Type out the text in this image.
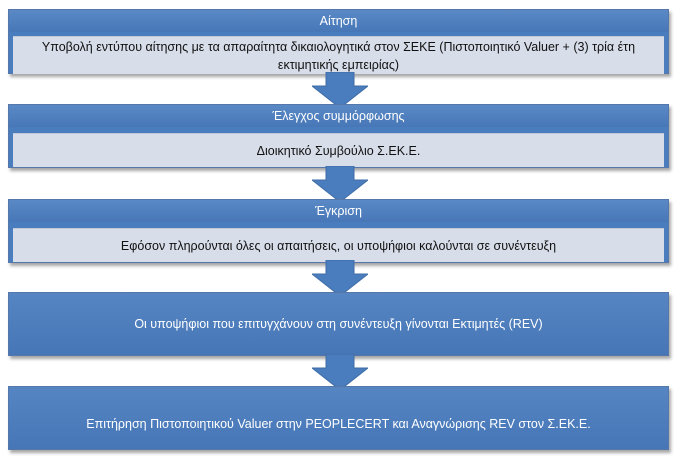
Αίτηση
Υποβολή εντύπου αίτησης με τα απαραίτητα δικαιολογητικά στον ΣΕΚΕ (Πιστοποιητικό Valuer + (3) τρία έτη εκτιμητικής εμπειρίας)
Έλεγχος συμμόρφωσης
Διοικητικό Συμβούλιο Σ.ΕΚ.Ε.
Έγκριση
Εφόσον πληρούνται όλες οι απαιτήσεις, οι υποψήφιοι καλούνται σε συνέντευξη
Οι υποψήφιοι που επιτυγχάνουν στη συνέντευξη γίνονται Εκτιμητές (REV)
Επιτήρηση Πιστοποιητικού Valuer στην PEOPLECERT και Αναγνώρισης REV στον Σ.ΕΚ.Ε.
